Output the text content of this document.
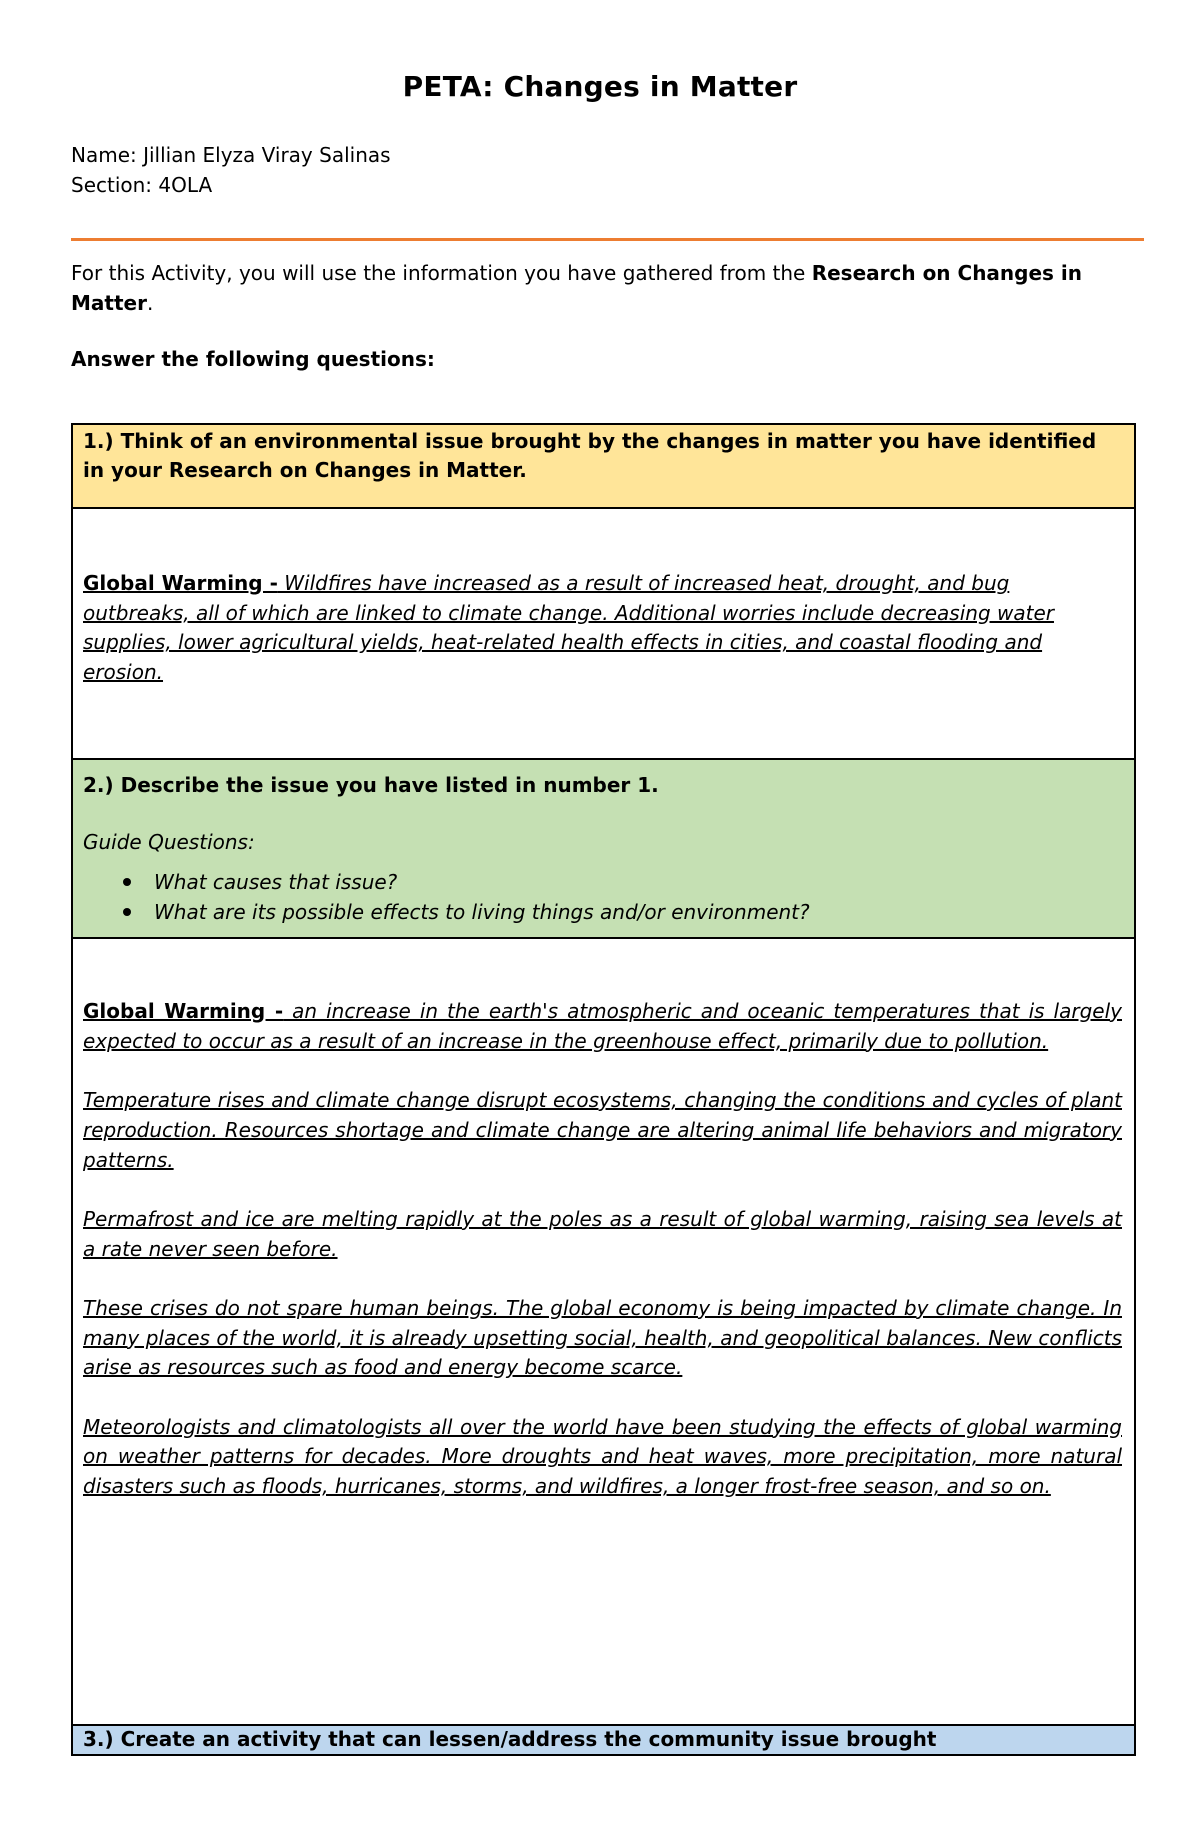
PETA: Changes in Matter
Name: Jillian Elyza Viray Salinas
Section: 4OLA
For this Activity, you will use the information you have gathered from the Research on Changes in Matter.
Answer the following questions:
1.) Think of an environmental issue brought by the changes in matter you have identified in your Research on Changes in Matter.
Global Warming - Wildfires have increased as a result of increased heat, drought, and bug outbreaks, all of which are linked to climate change. Additional worries include decreasing water supplies, lower agricultural yields, heat-related health effects in cities, and coastal flooding and erosion.
2.) Describe the issue you have listed in number 1.
Guide Questions:
What causes that issue?
What are its possible effects to living things and/or environment?

Global Warming - an increase in the earth's atmospheric and oceanic temperatures that is largely expected to occur as a result of an increase in the greenhouse effect, primarily due to pollution.

Temperature rises and climate change disrupt ecosystems, changing the conditions and cycles of plant reproduction. Resources shortage and climate change are altering animal life behaviors and migratory patterns.

Permafrost and ice are melting rapidly at the poles as a result of global warming, raising sea levels at a rate never seen before.

These crises do not spare human beings. The global economy is being impacted by climate change. In many places of the world, it is already upsetting social, health, and geopolitical balances. New conflicts arise as resources such as food and energy become scarce.

Meteorologists and climatologists all over the world have been studying the effects of global warming on weather patterns for decades. More droughts and heat waves, more precipitation, more natural disasters such as floods, hurricanes, storms, and wildfires, a longer frost-free season, and so on.

3.) Create an activity that can lessen/address the community issue brought
